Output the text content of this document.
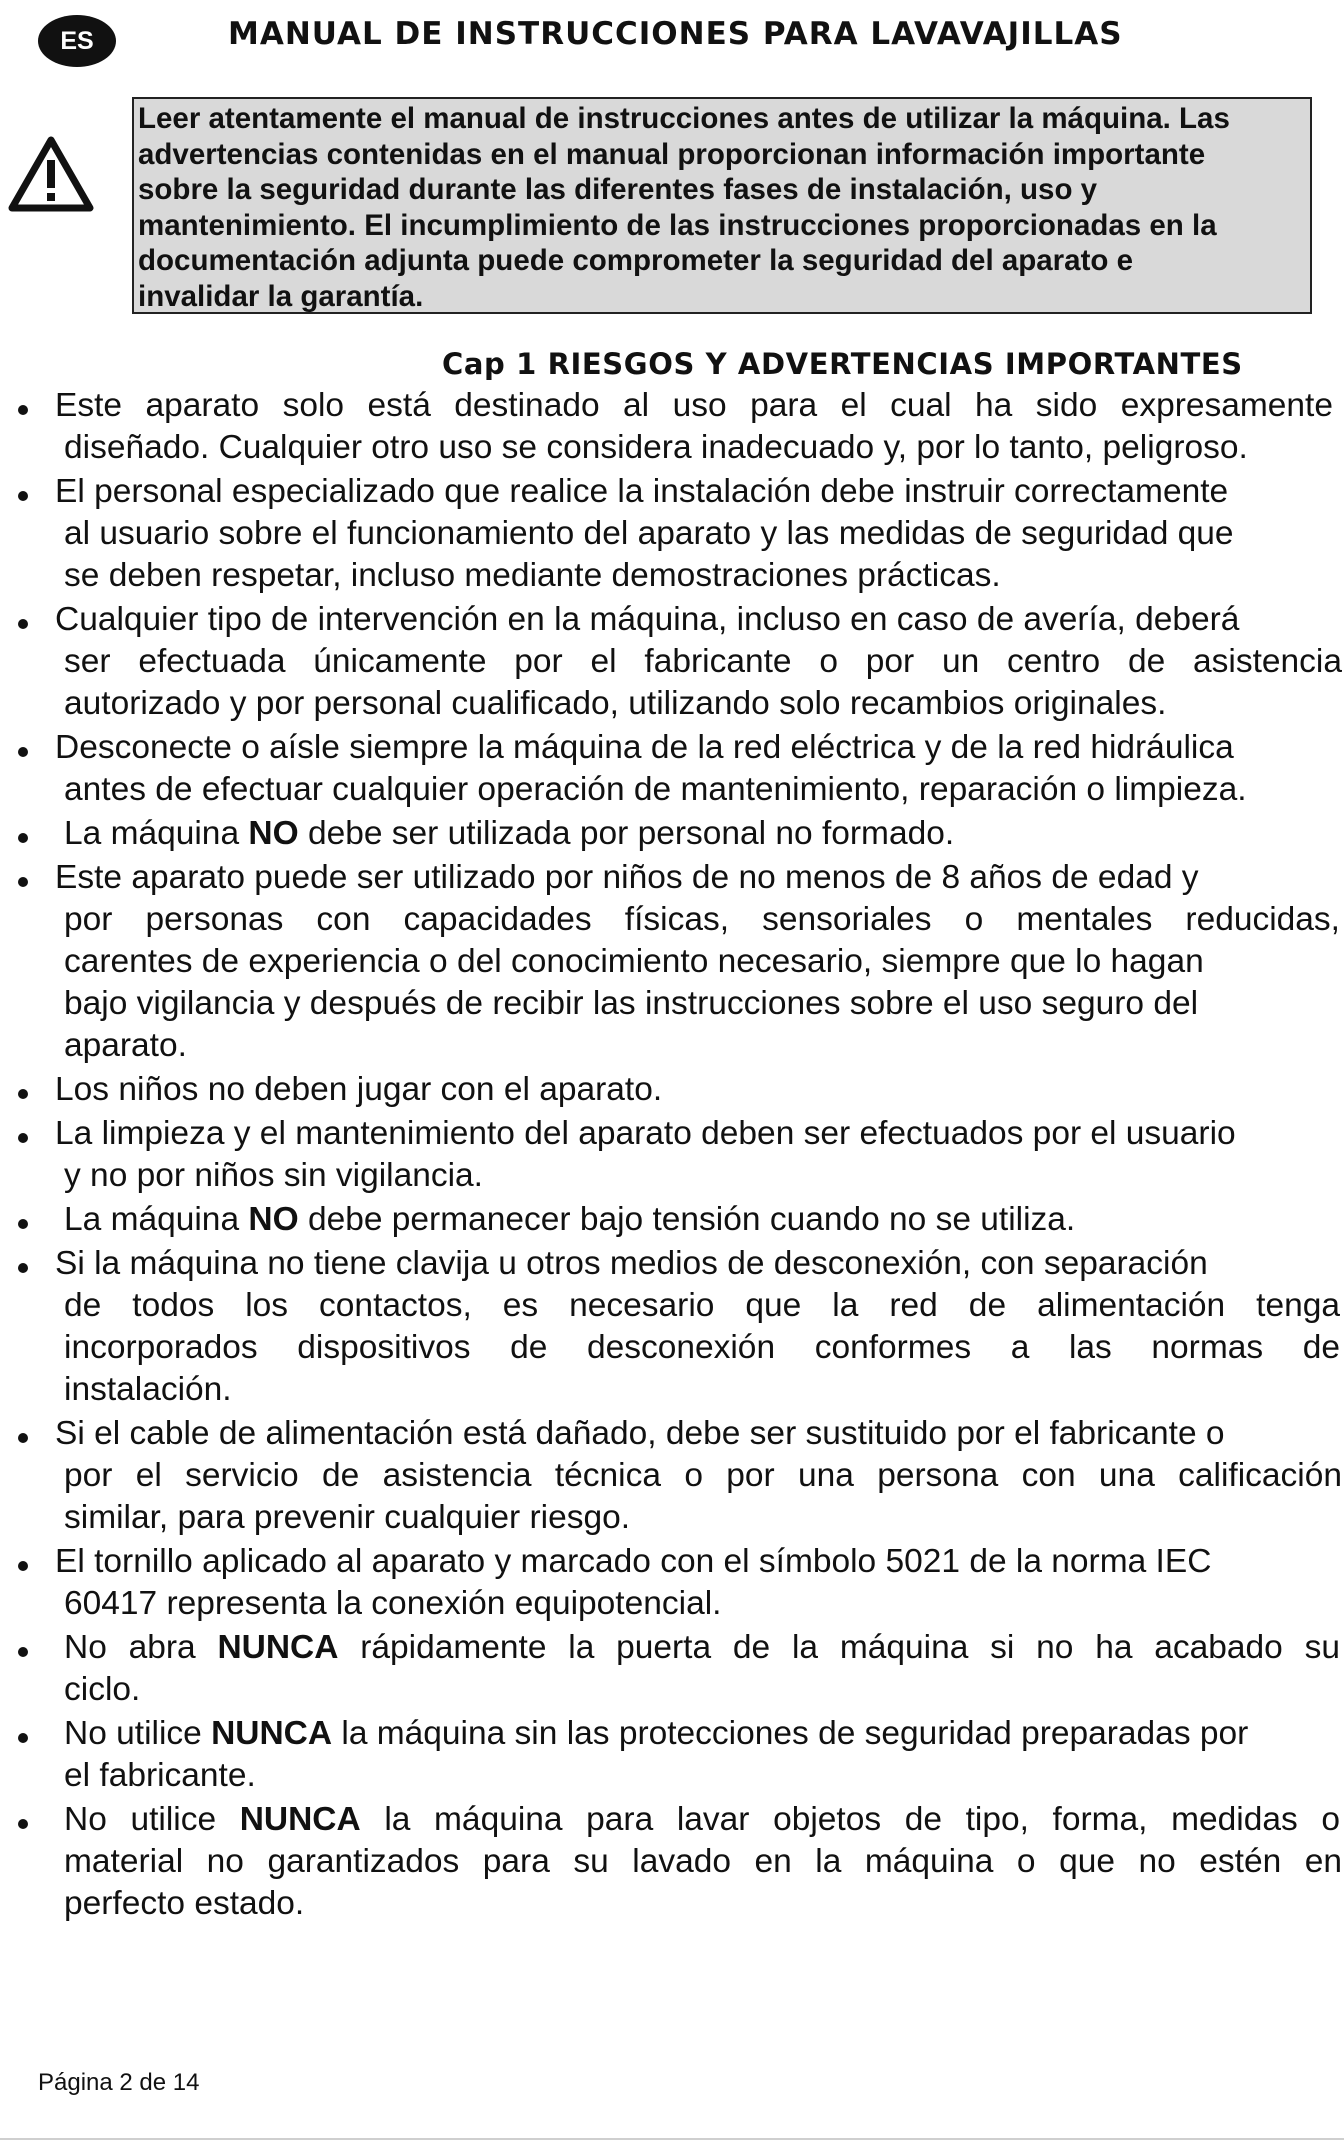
ES	MANUAL DE INSTRUCCIONES PARA LAVAVAJILLAS
Leer atentamente el manual de instrucciones antes de utilizar la máquina. Las
advertencias contenidas en el manual proporcionan información importante
sobre la seguridad durante las diferentes fases de instalación, uso y
mantenimiento. El incumplimiento de las instrucciones proporcionadas en la
documentación adjunta puede comprometer la seguridad del aparato e
invalidar la garantía.
Cap 1 RIESGOS Y ADVERTENCIAS IMPORTANTES
Este aparato solo está destinado al uso para el cual ha sido expresamente
diseñado. Cualquier otro uso se considera inadecuado y, por lo tanto, peligroso.
El personal especializado que realice la instalación debe instruir correctamente
al usuario sobre el funcionamiento del aparato y las medidas de seguridad que
se deben respetar, incluso mediante demostraciones prácticas.
Cualquier tipo de intervención en la máquina, incluso en caso de avería, deberá
ser efectuada únicamente por el fabricante o por un centro de asistencia
autorizado y por personal cualificado, utilizando solo recambios originales.
Desconecte o aísle siempre la máquina de la red eléctrica y de la red hidráulica
antes de efectuar cualquier operación de mantenimiento, reparación o limpieza.
La máquina NO debe ser utilizada por personal no formado.
Este aparato puede ser utilizado por niños de no menos de 8 años de edad y
por personas con capacidades físicas, sensoriales o mentales reducidas,
carentes de experiencia o del conocimiento necesario, siempre que lo hagan
bajo vigilancia y después de recibir las instrucciones sobre el uso seguro del
aparato.
Los niños no deben jugar con el aparato.
La limpieza y el mantenimiento del aparato deben ser efectuados por el usuario
y no por niños sin vigilancia.
La máquina NO debe permanecer bajo tensión cuando no se utiliza.
Si la máquina no tiene clavija u otros medios de desconexión, con separación
de todos los contactos, es necesario que la red de alimentación tenga
incorporados dispositivos de desconexión conformes a las normas de
instalación.
Si el cable de alimentación está dañado, debe ser sustituido por el fabricante o
por el servicio de asistencia técnica o por una persona con una calificación
similar, para prevenir cualquier riesgo.
El tornillo aplicado al aparato y marcado con el símbolo 5021 de la norma IEC
60417 representa la conexión equipotencial.
No abra NUNCA rápidamente la puerta de la máquina si no ha acabado su
ciclo.
No utilice NUNCA la máquina sin las protecciones de seguridad preparadas por
el fabricante.
No utilice NUNCA la máquina para lavar objetos de tipo, forma, medidas o
material no garantizados para su lavado en la máquina o que no estén en
perfecto estado.
Página 2 de 14
